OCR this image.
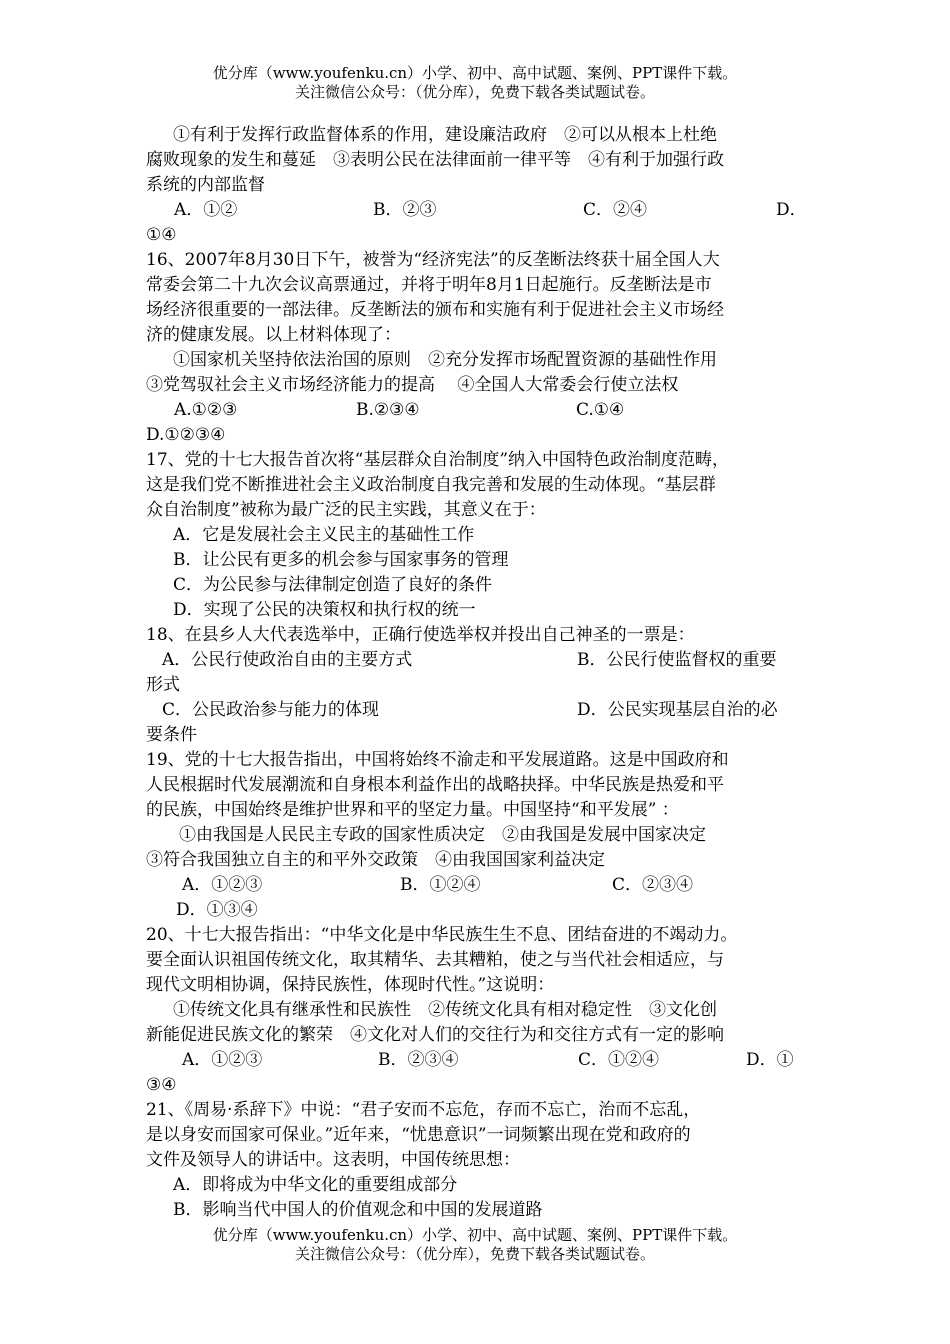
优分库（www.youfenku.cn）小学、初中、高中试题、案例、PPT课件下载。
关注微信公众号：（优分库），免费下载各类试题试卷。
①有利于发挥行政监督体系的作用，建设廉洁政府　②可以从根本上杜绝
腐败现象的发生和蔓延　③表明公民在法律面前一律平等　④有利于加强行政
系统的内部监督
A．①②	B．②③	C．②④	D．
①④
16、2007年8月30日下午，被誉为“经济宪法”的反垄断法终获十届全国人大
常委会第二十九次会议高票通过，并将于明年8月1日起施行。反垄断法是市
场经济很重要的一部法律。反垄断法的颁布和实施有利于促进社会主义市场经
济的健康发展。以上材料体现了：
①国家机关坚持依法治国的原则　②充分发挥市场配置资源的基础性作用
③党驾驭社会主义市场经济能力的提高　 ④全国人大常委会行使立法权
A.①②③	B.②③④	C.①④
D.①②③④
17、党的十七大报告首次将“基层群众自治制度”纳入中国特色政治制度范畴，
这是我们党不断推进社会主义政治制度自我完善和发展的生动体现。“基层群
众自治制度”被称为最广泛的民主实践，其意义在于：
A．它是发展社会主义民主的基础性工作
B．让公民有更多的机会参与国家事务的管理
C．为公民参与法律制定创造了良好的条件
D．实现了公民的决策权和执行权的统一
18、在县乡人大代表选举中，正确行使选举权并投出自己神圣的一票是：
A．公民行使政治自由的主要方式	B．公民行使监督权的重要
形式
C．公民政治参与能力的体现	D．公民实现基层自治的必
要条件
19、党的十七大报告指出，中国将始终不渝走和平发展道路。这是中国政府和
人民根据时代发展潮流和自身根本利益作出的战略抉择。中华民族是热爱和平
的民族，中国始终是维护世界和平的坚定力量。中国坚持“和平发展” ：
①由我国是人民民主专政的国家性质决定　②由我国是发展中国家决定
③符合我国独立自主的和平外交政策　④由我国国家利益决定
A．①②③	B．①②④	C．②③④
D．①③④
20、十七大报告指出：“中华文化是中华民族生生不息、团结奋进的不竭动力。
要全面认识祖国传统文化，取其精华、去其糟粕，使之与当代社会相适应，与
现代文明相协调，保持民族性，体现时代性。”这说明：
①传统文化具有继承性和民族性　②传统文化具有相对稳定性　③文化创
新能促进民族文化的繁荣　④文化对人们的交往行为和交往方式有一定的影响
A．①②③	B．②③④	C．①②④	D．①
③④
21、《周易·系辞下》中说：“君子安而不忘危，存而不忘亡，治而不忘乱，
是以身安而国家可保业。”近年来，“忧患意识”一词频繁出现在党和政府的
文件及领导人的讲话中。这表明，中国传统思想：
A．即将成为中华文化的重要组成部分
B．影响当代中国人的价值观念和中国的发展道路
优分库（www.youfenku.cn）小学、初中、高中试题、案例、PPT课件下载。
关注微信公众号：（优分库），免费下载各类试题试卷。
